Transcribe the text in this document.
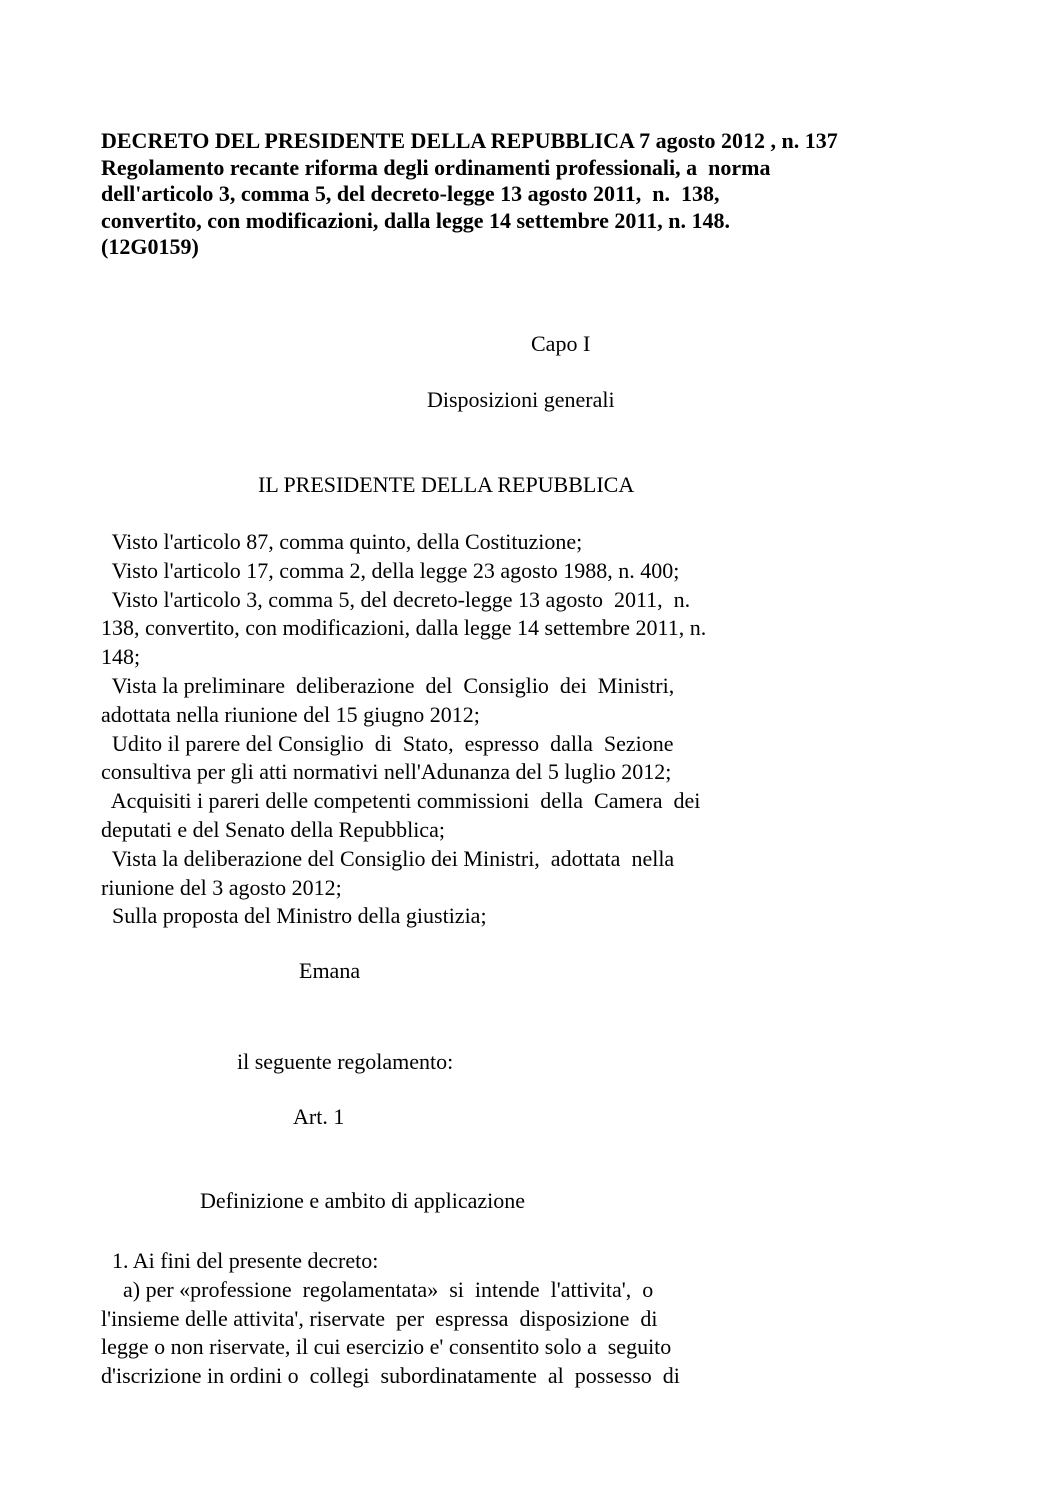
DECRETO DEL PRESIDENTE DELLA REPUBBLICA 7 agosto 2012 , n. 137
Regolamento recante riforma degli ordinamenti professionali, a  norma
dell'articolo 3, comma 5, del decreto-legge 13 agosto 2011,  n.  138,
convertito, con modificazioni, dalla legge 14 settembre 2011, n. 148.
(12G0159)
Capo I
Disposizioni generali
IL PRESIDENTE DELLA REPUBBLICA
Visto l'articolo 87, comma quinto, della Costituzione;
Visto l'articolo 17, comma 2, della legge 23 agosto 1988, n. 400;
Visto l'articolo 3, comma 5, del decreto-legge 13 agosto  2011,  n.
138, convertito, con modificazioni, dalla legge 14 settembre 2011, n.
148;
Vista la preliminare  deliberazione  del  Consiglio  dei  Ministri,
adottata nella riunione del 15 giugno 2012;
Udito il parere del Consiglio  di  Stato,  espresso  dalla  Sezione
consultiva per gli atti normativi nell'Adunanza del 5 luglio 2012;
Acquisiti i pareri delle competenti commissioni  della  Camera  dei
deputati e del Senato della Repubblica;
Vista la deliberazione del Consiglio dei Ministri,  adottata  nella
riunione del 3 agosto 2012;
Sulla proposta del Ministro della giustizia;
Emana
il seguente regolamento:
Art. 1
Definizione e ambito di applicazione
1. Ai fini del presente decreto:
a) per «professione  regolamentata»  si  intende  l'attivita',  o
l'insieme delle attivita', riservate  per  espressa  disposizione  di
legge o non riservate, il cui esercizio e' consentito solo a  seguito
d'iscrizione in ordini o  collegi  subordinatamente  al  possesso  di
